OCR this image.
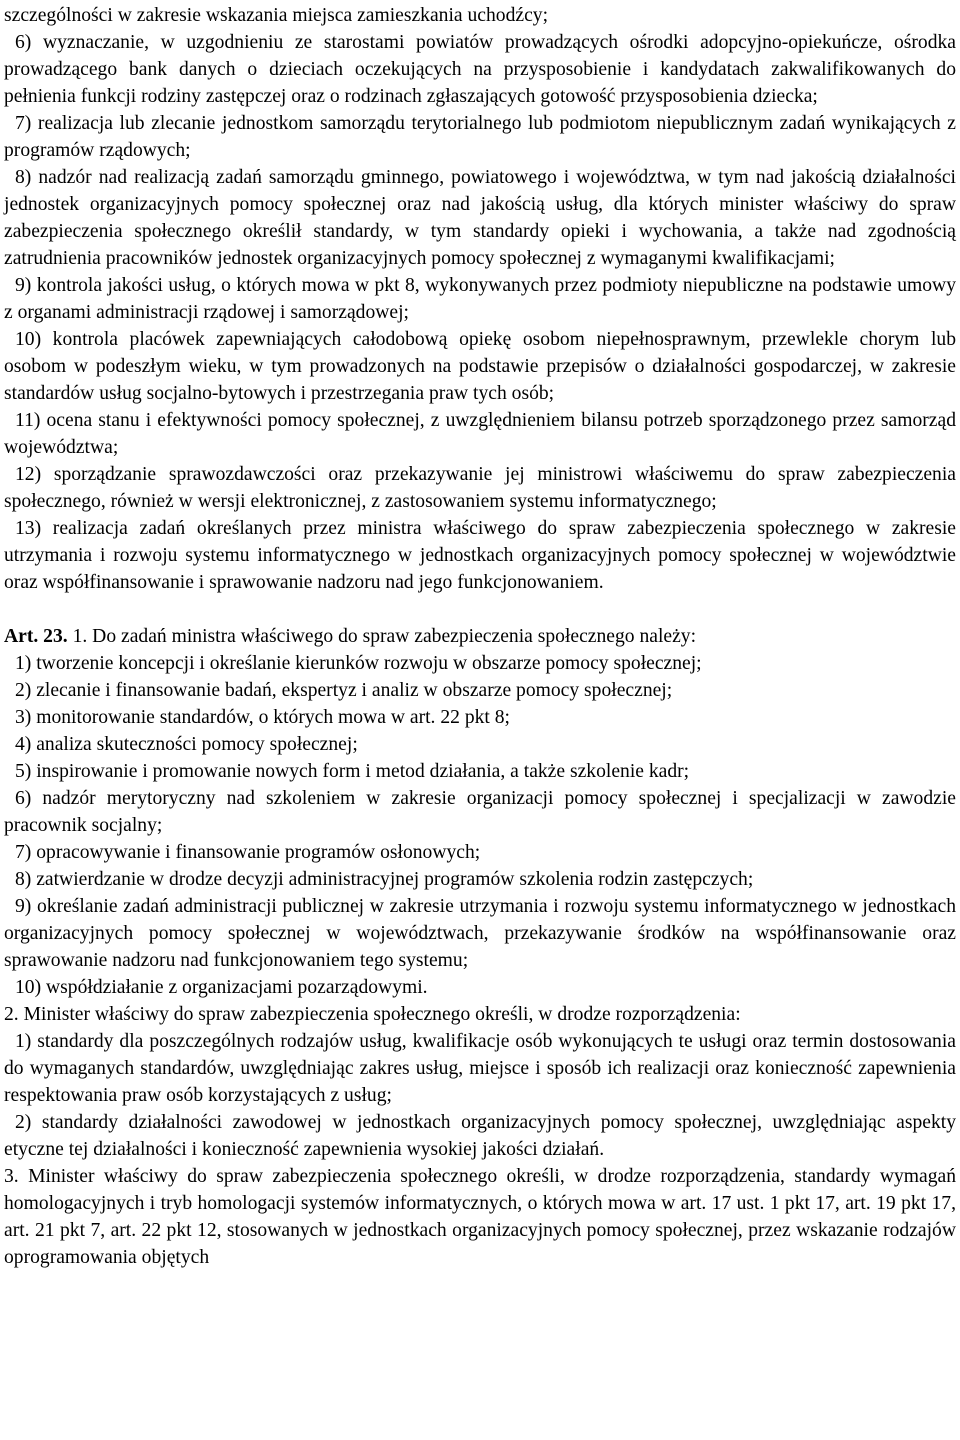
szczególności w zakresie wskazania miejsca zamieszkania uchodźcy;

6) wyznaczanie, w uzgodnieniu ze starostami powiatów prowadzących ośrodki adopcyjno-opiekuńcze, ośrodka prowadzącego bank danych o dzieciach oczekujących na przysposobienie i kandydatach zakwalifikowanych do pełnienia funkcji rodziny zastępczej oraz o rodzinach zgłaszających gotowość przysposobienia dziecka;

7) realizacja lub zlecanie jednostkom samorządu terytorialnego lub podmiotom niepublicznym zadań wynikających z programów rządowych;

8) nadzór nad realizacją zadań samorządu gminnego, powiatowego i województwa, w tym nad jakością działalności jednostek organizacyjnych pomocy społecznej oraz nad jakością usług, dla których minister właściwy do spraw zabezpieczenia społecznego określił standardy, w tym standardy opieki i wychowania, a także nad zgodnością zatrudnienia pracowników jednostek organizacyjnych pomocy społecznej z wymaganymi kwalifikacjami;

9) kontrola jakości usług, o których mowa w pkt 8, wykonywanych przez podmioty niepubliczne na podstawie umowy z organami administracji rządowej i samorządowej;

10) kontrola placówek zapewniających całodobową opiekę osobom niepełnosprawnym, przewlekle chorym lub osobom w podeszłym wieku, w tym prowadzonych na podstawie przepisów o działalności gospodarczej, w zakresie standardów usług socjalno-bytowych i przestrzegania praw tych osób;

11) ocena stanu i efektywności pomocy społecznej, z uwzględnieniem bilansu potrzeb sporządzonego przez samorząd województwa;

12) sporządzanie sprawozdawczości oraz przekazywanie jej ministrowi właściwemu do spraw zabezpieczenia społecznego, również w wersji elektronicznej, z zastosowaniem systemu informatycznego;

13) realizacja zadań określanych przez ministra właściwego do spraw zabezpieczenia społecznego w zakresie utrzymania i rozwoju systemu informatycznego w jednostkach organizacyjnych pomocy społecznej w województwie oraz współfinansowanie i sprawowanie nadzoru nad jego funkcjonowaniem.

Art. 23. 1. Do zadań ministra właściwego do spraw zabezpieczenia społecznego należy:

1) tworzenie koncepcji i określanie kierunków rozwoju w obszarze pomocy społecznej;

2) zlecanie i finansowanie badań, ekspertyz i analiz w obszarze pomocy społecznej;

3) monitorowanie standardów, o których mowa w art. 22 pkt 8;

4) analiza skuteczności pomocy społecznej;

5) inspirowanie i promowanie nowych form i metod działania, a także szkolenie kadr;

6) nadzór merytoryczny nad szkoleniem w zakresie organizacji pomocy społecznej i specjalizacji w zawodzie pracownik socjalny;

7) opracowywanie i finansowanie programów osłonowych;

8) zatwierdzanie w drodze decyzji administracyjnej programów szkolenia rodzin zastępczych;

9) określanie zadań administracji publicznej w zakresie utrzymania i rozwoju systemu informatycznego w jednostkach organizacyjnych pomocy społecznej w województwach, przekazywanie środków na współfinansowanie oraz sprawowanie nadzoru nad funkcjonowaniem tego systemu;

10) współdziałanie z organizacjami pozarządowymi.

2. Minister właściwy do spraw zabezpieczenia społecznego określi, w drodze rozporządzenia:

1) standardy dla poszczególnych rodzajów usług, kwalifikacje osób wykonujących te usługi oraz termin dostosowania do wymaganych standardów, uwzględniając zakres usług, miejsce i sposób ich realizacji oraz konieczność zapewnienia respektowania praw osób korzystających z usług;

2) standardy działalności zawodowej w jednostkach organizacyjnych pomocy społecznej, uwzględniając aspekty etyczne tej działalności i konieczność zapewnienia wysokiej jakości działań.

3. Minister właściwy do spraw zabezpieczenia społecznego określi, w drodze rozporządzenia, standardy wymagań homologacyjnych i tryb homologacji systemów informatycznych, o których mowa w art. 17 ust. 1 pkt 17, art. 19 pkt 17, art. 21 pkt 7, art. 22 pkt 12, stosowanych w jednostkach organizacyjnych pomocy społecznej, przez wskazanie rodzajów oprogramowania objętych
